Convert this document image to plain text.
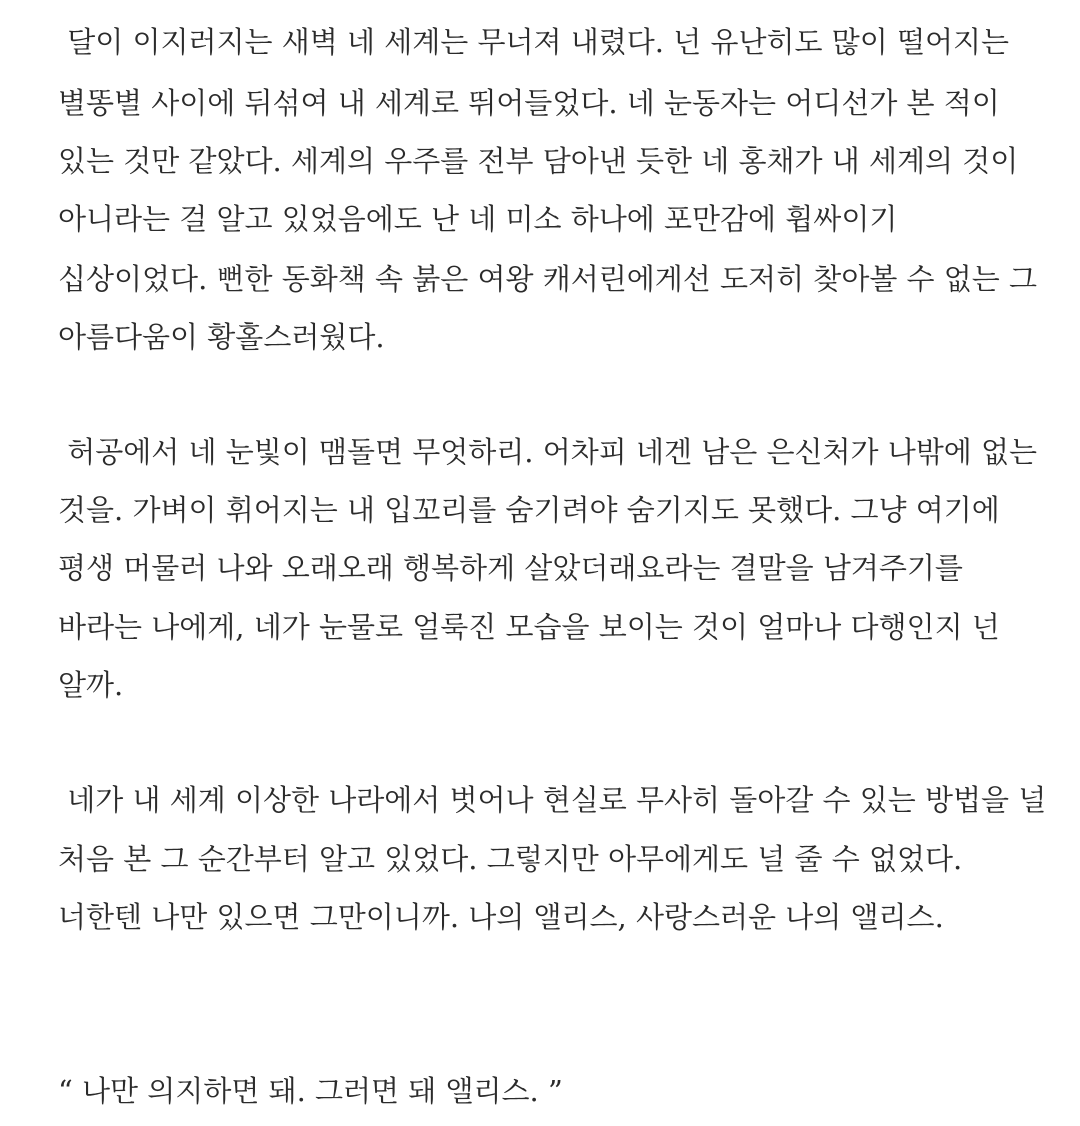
달이 이지러지는 새벽 네 세계는 무너져 내렸다. 넌 유난히도 많이 떨어지는
별똥별 사이에 뒤섞여 내 세계로 뛰어들었다. 네 눈동자는 어디선가 본 적이
있는 것만 같았다. 세계의 우주를 전부 담아낸 듯한 네 홍채가 내 세계의 것이
아니라는 걸 알고 있었음에도 난 네 미소 하나에 포만감에 휩싸이기
십상이었다. 뻔한 동화책 속 붉은 여왕 캐서린에게선 도저히 찾아볼 수 없는 그
아름다움이 황홀스러웠다.
허공에서 네 눈빛이 맴돌면 무엇하리. 어차피 네겐 남은 은신처가 나밖에 없는
것을. 가벼이 휘어지는 내 입꼬리를 숨기려야 숨기지도 못했다. 그냥 여기에
평생 머물러 나와 오래오래 행복하게 살았더래요라는 결말을 남겨주기를
바라는 나에게, 네가 눈물로 얼룩진 모습을 보이는 것이 얼마나 다행인지 넌
알까.
네가 내 세계 이상한 나라에서 벗어나 현실로 무사히 돌아갈 수 있는 방법을 널
처음 본 그 순간부터 알고 있었다. 그렇지만 아무에게도 널 줄 수 없었다.
너한텐 나만 있으면 그만이니까. 나의 앨리스, 사랑스러운 나의 앨리스.
“ 나만 의지하면 돼. 그러면 돼 앨리스. ”
